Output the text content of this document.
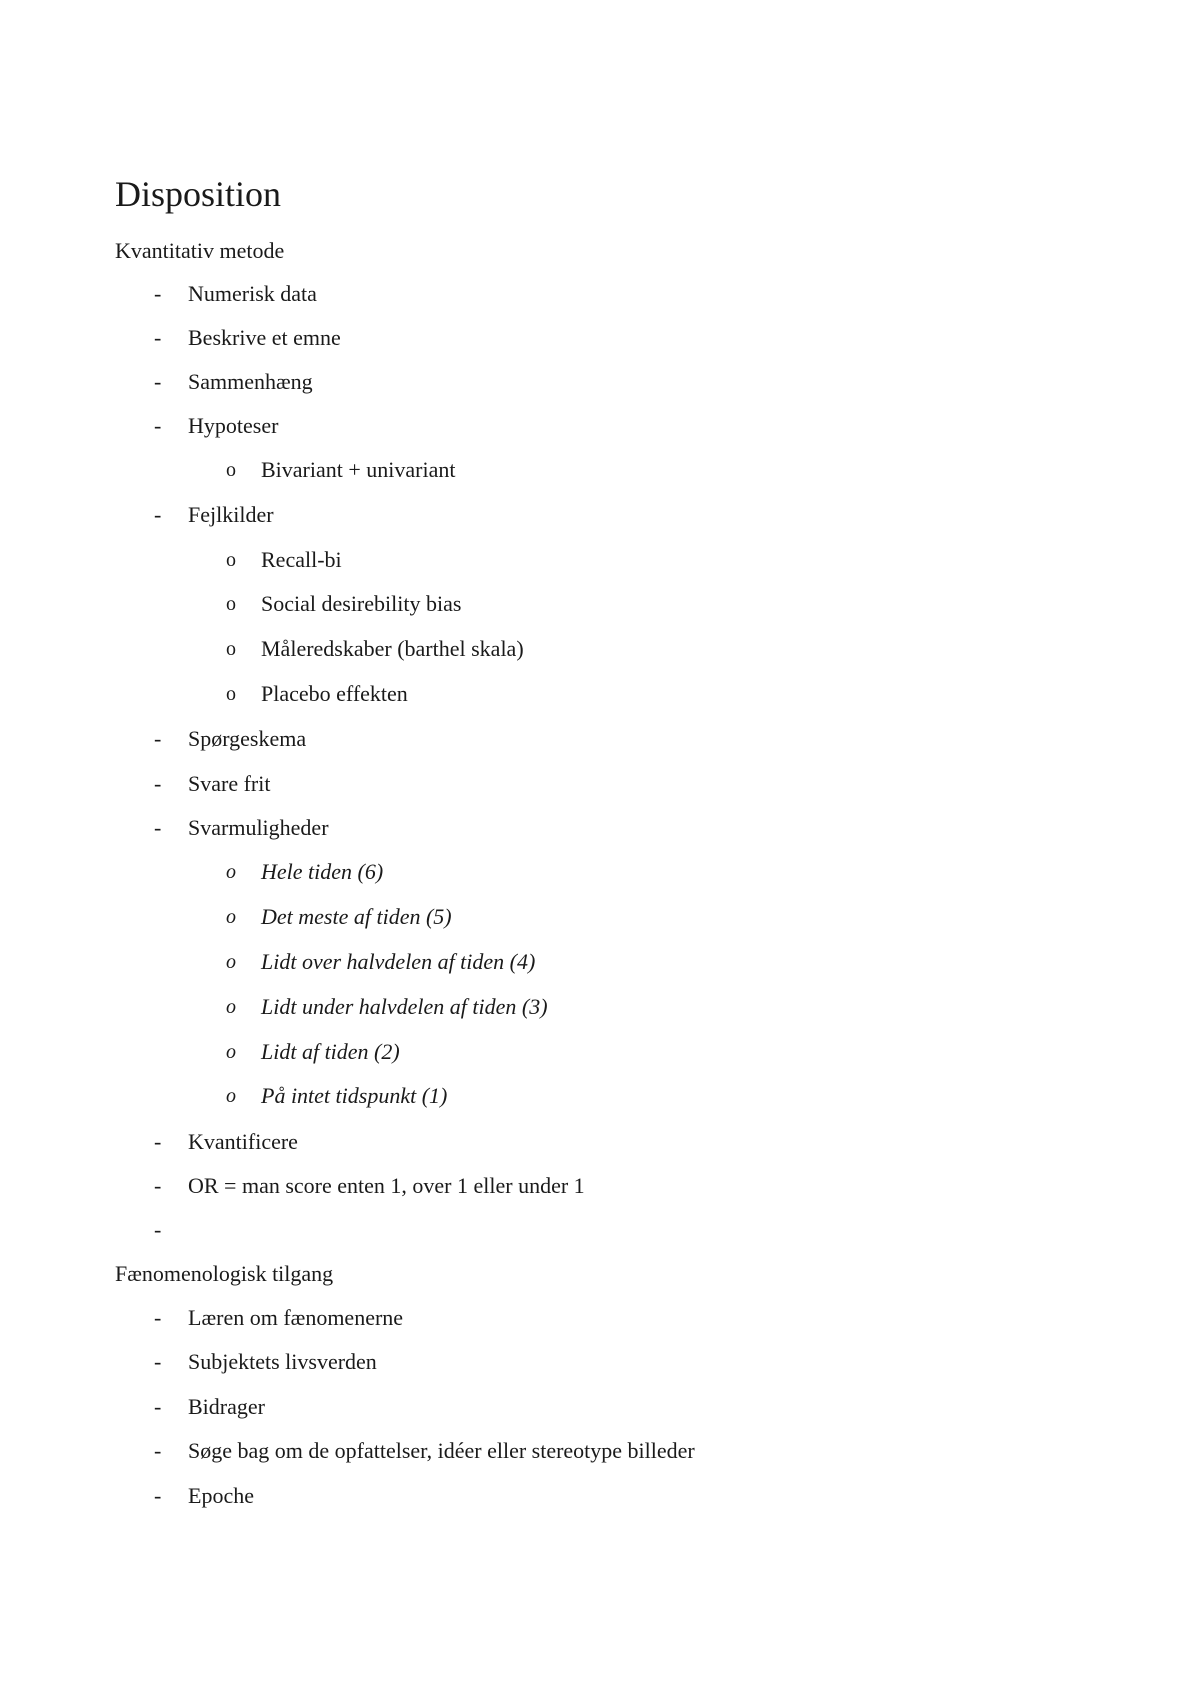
Disposition
Kvantitativ metode
- Numerisk data
- Beskrive et emne
- Sammenhæng
- Hypoteser
o Bivariant + univariant
- Fejlkilder
o Recall-bi
o Social desirebility bias
o Måleredskaber (barthel skala)
o Placebo effekten
- Spørgeskema
- Svare frit
- Svarmuligheder
o Hele tiden (6)
o Det meste af tiden (5)
o Lidt over halvdelen af tiden (4)
o Lidt under halvdelen af tiden (3)
o Lidt af tiden (2)
o På intet tidspunkt (1)
- Kvantificere
- OR = man score enten 1, over 1 eller under 1
-
Fænomenologisk tilgang
- Læren om fænomenerne
- Subjektets livsverden
- Bidrager
- Søge bag om de opfattelser, idéer eller stereotype billeder
- Epoche
